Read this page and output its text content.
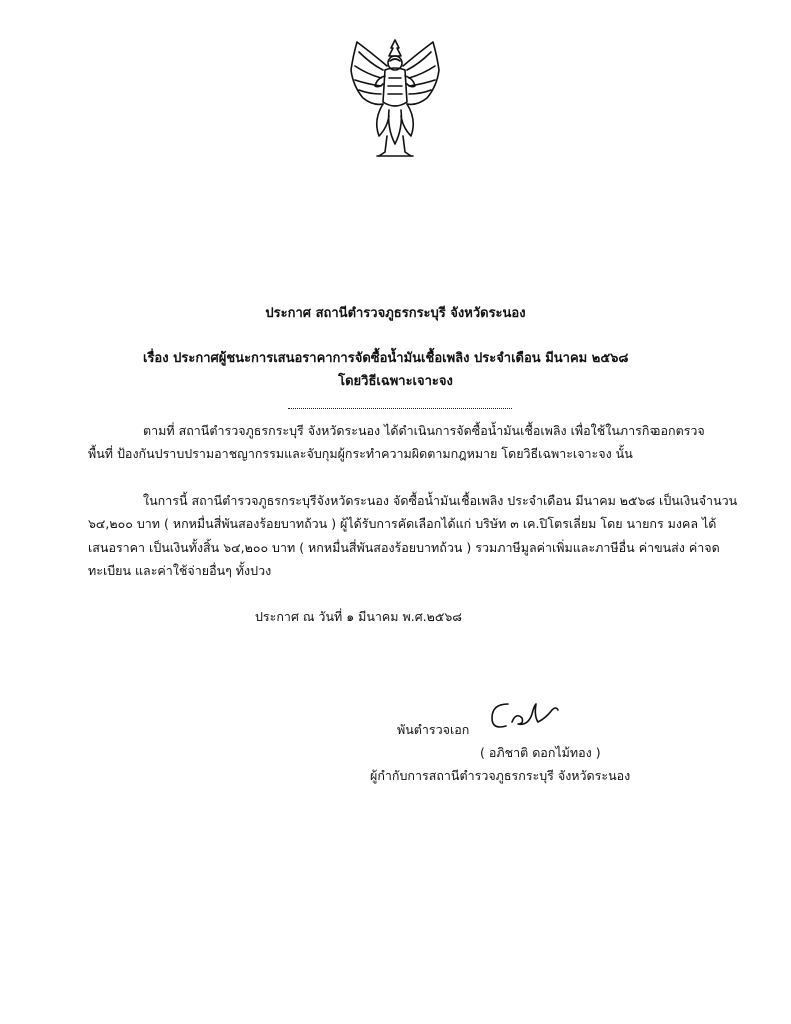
ประกาศ สถานีตำรวจภูธรกระบุรี จังหวัดระนอง
เรื่อง ประกาศผู้ชนะการเสนอราคาการจัดซื้อน้ำมันเชื้อเพลิง ประจำเดือน มีนาคม ๒๕๖๘
โดยวิธีเฉพาะเจาะจง
ตามที่ สถานีตำรวจภูธรกระบุรี จังหวัดระนอง ได้ดำเนินการจัดซื้อน้ำมันเชื้อเพลิง เพื่อใช้ในภารกิจ
ออกตรวจ
พื้นที่ ป้องกันปราบปรามอาชญากรรมและจับกุมผู้กระทำความผิดตามกฎหมาย โดยวิธีเฉพาะเจาะจง นั้น
ในการนี้ สถานีตำรวจภูธรกระบุรีจังหวัดระนอง จัดซื้อน้ำมันเชื้อเพลิง ประจำเดือน มีนาคม ๒๕๖๘ เป็นเงินจำนวน
๖๔,๒๐๐ บาท ( หกหมื่นสี่พันสองร้อยบาทถ้วน ) ผู้ได้รับการคัดเลือกได้แก่ บริษัท ๓ เค.ปิโตรเลี่ยม โดย นายกร มงคล ได้
เสนอราคา เป็นเงินทั้งสิ้น ๖๔,๒๐๐ บาท ( หกหมื่นสี่พันสองร้อยบาทถ้วน ) รวมภาษีมูลค่าเพิ่มและภาษีอื่น ค่าขนส่ง ค่าจด
ทะเบียน และค่าใช้จ่ายอื่นๆ ทั้งปวง
ประกาศ ณ วันที่ ๑ มีนาคม พ.ศ.๒๕๖๘
พันตำรวจเอก
( อภิชาติ ดอกไม้ทอง )
ผู้กำกับการสถานีตำรวจภูธรกระบุรี จังหวัดระนอง
